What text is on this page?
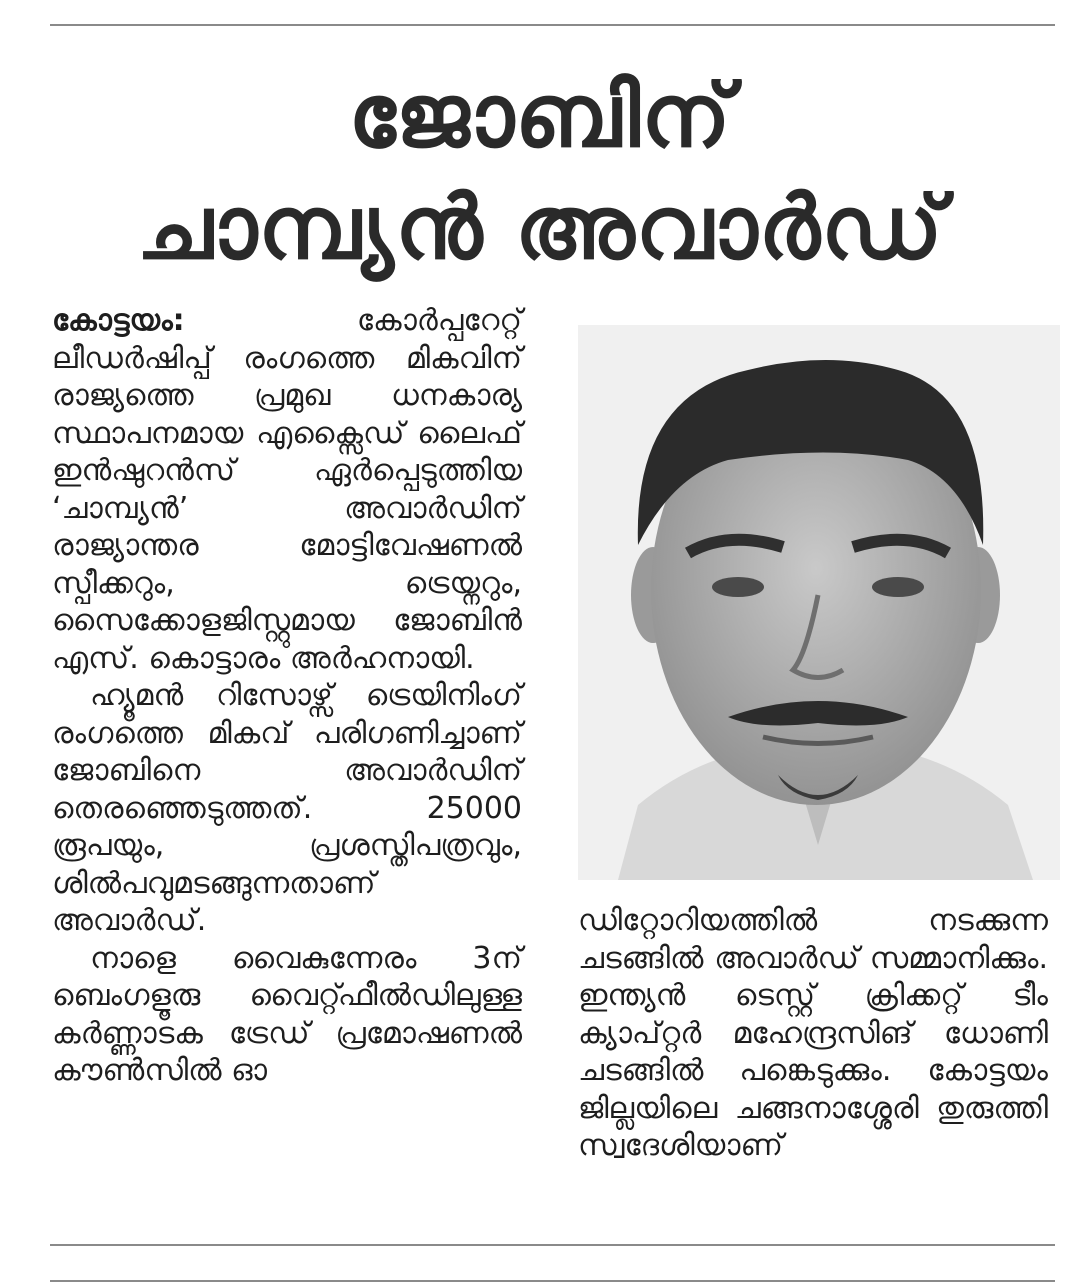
ജോബിന്
ചാമ്പ്യൻ അവാർഡ്

കോട്ടയം:	കോർപ്പറേറ്റ് ലീഡർഷിപ്പ് രംഗത്തെ മികവിന് രാജ്യത്തെ പ്രമുഖ ധനകാര്യ സ്ഥാപനമായ എക്സൈഡ് ലൈഫ് ഇൻഷുറൻസ് ഏർപ്പെടുത്തിയ ‘ചാമ്പ്യൻ’ അവാർഡിന് രാജ്യാന്തര മോട്ടിവേഷണൽ സ്പീക്കറും, ട്രെയ്നറും, സൈക്കോളജിസ്റ്റുമായ ജോബിൻ എസ്. കൊട്ടാരം അർഹനായി.

ഹ്യൂമൻ റിസോഴ്സ് ട്രെയിനിംഗ് രംഗത്തെ മികവ് പരിഗണിച്ചാണ് ജോബിനെ അവാർഡിന് തെരഞ്ഞെടുത്തത്. 25000 രൂപയും, പ്രശസ്തിപത്രവും, ശിൽപവുമടങ്ങുന്നതാണ് അവാർഡ്.

നാളെ വൈകുന്നേരം 3ന് ബെംഗളൂരു വൈറ്റ്ഫീൽഡിലുള്ള കർണ്ണാടക ട്രേഡ് പ്രമോഷണൽ കൗൺസിൽ ഓ

ഡിറ്റോറിയത്തിൽ നടക്കുന്ന ചടങ്ങിൽ അവാർഡ് സമ്മാനിക്കും. ഇന്ത്യൻ ടെസ്റ്റ് ക്രിക്കറ്റ് ടീം ക്യാപ്റ്റർ മഹേന്ദ്രസിങ് ധോണി ചടങ്ങിൽ പങ്കെടുക്കും. കോട്ടയം ജില്ലയിലെ ചങ്ങനാശ്ശേരി തുരുത്തി സ്വദേശിയാണ്
